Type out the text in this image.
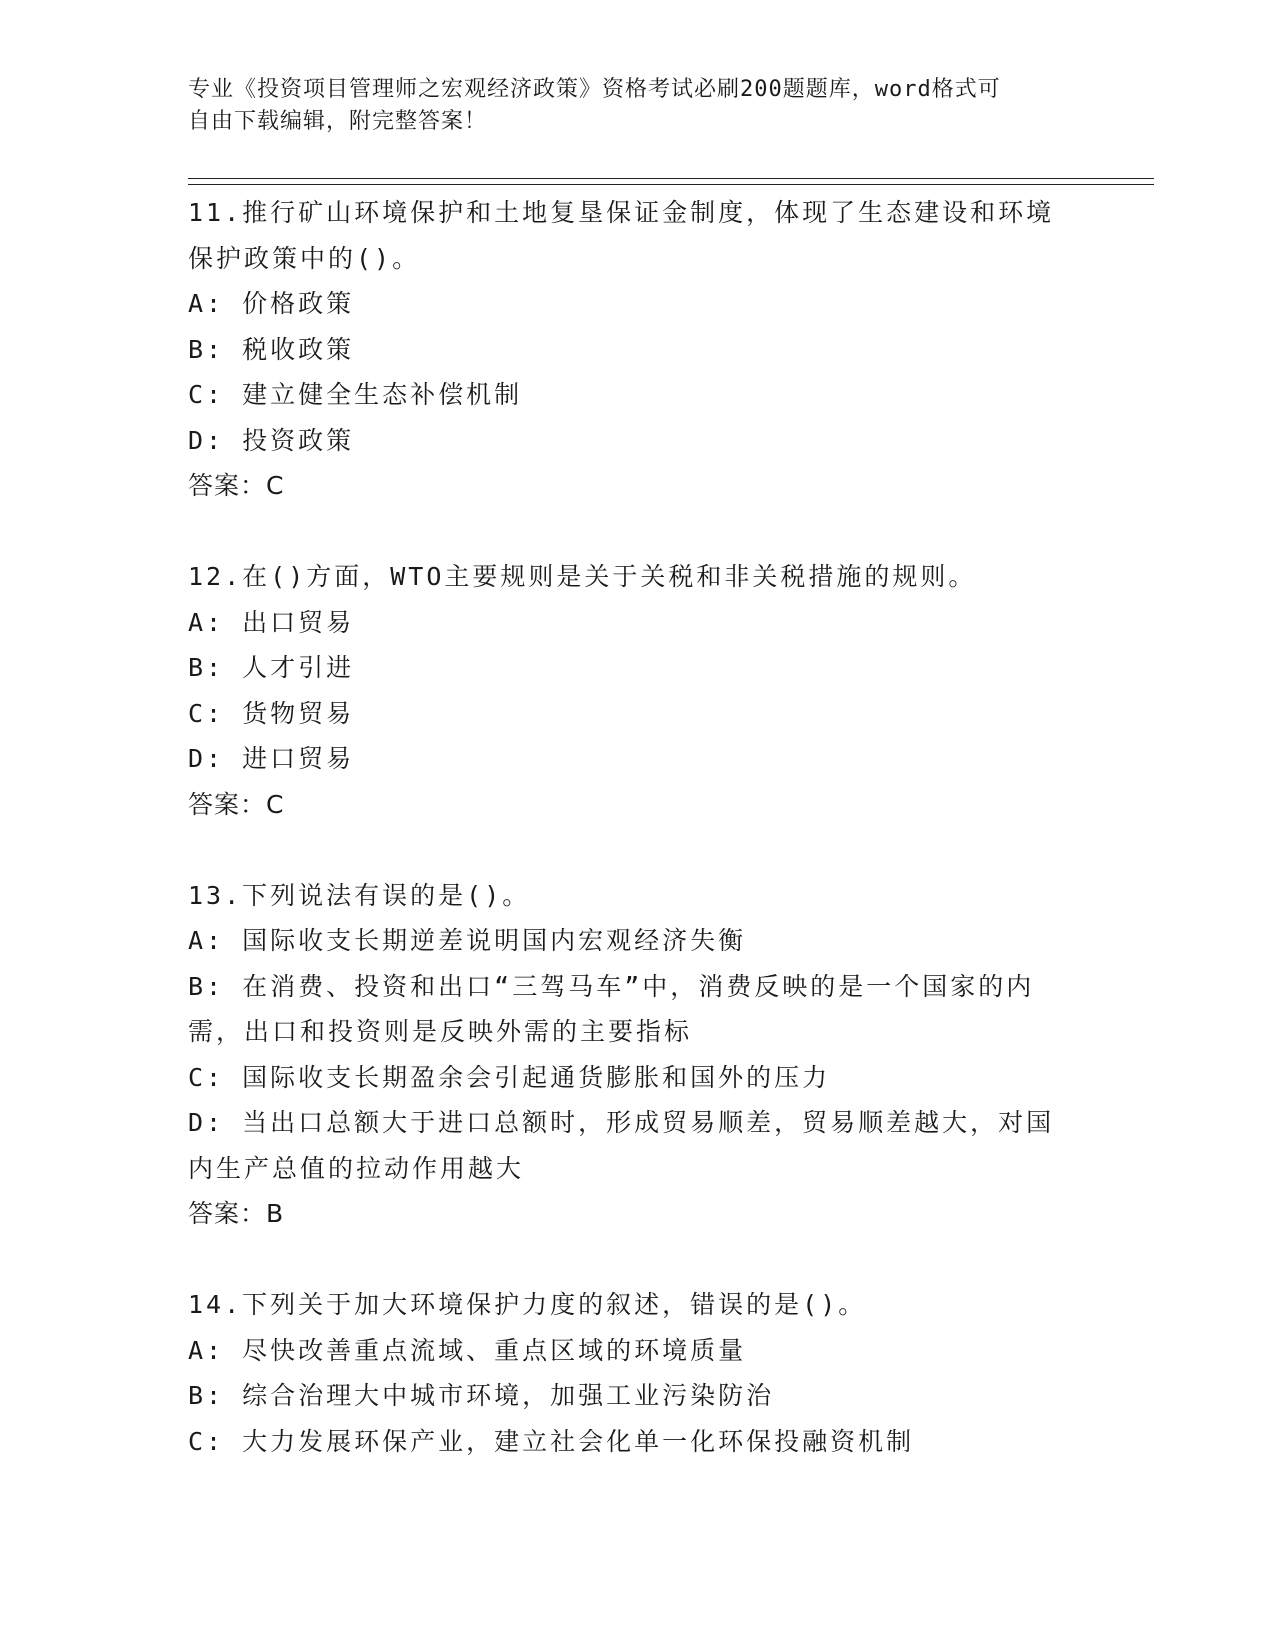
专业《投资项目管理师之宏观经济政策》资格考试必刷200题题库，word格式可
自由下载编辑，附完整答案！
11.推行矿山环境保护和土地复垦保证金制度，体现了生态建设和环境
保护政策中的()。
A: 价格政策
B: 税收政策
C: 建立健全生态补偿机制
D: 投资政策
答案：C
12.在()方面，WTO主要规则是关于关税和非关税措施的规则。
A: 出口贸易
B: 人才引进
C: 货物贸易
D: 进口贸易
答案：C
13.下列说法有误的是()。
A: 国际收支长期逆差说明国内宏观经济失衡
B: 在消费、投资和出口“三驾马车”中，消费反映的是一个国家的内
需，出口和投资则是反映外需的主要指标
C: 国际收支长期盈余会引起通货膨胀和国外的压力
D: 当出口总额大于进口总额时，形成贸易顺差，贸易顺差越大，对国
内生产总值的拉动作用越大
答案：B
14.下列关于加大环境保护力度的叙述，错误的是()。
A: 尽快改善重点流域、重点区域的环境质量
B: 综合治理大中城市环境，加强工业污染防治
C: 大力发展环保产业，建立社会化单一化环保投融资机制
